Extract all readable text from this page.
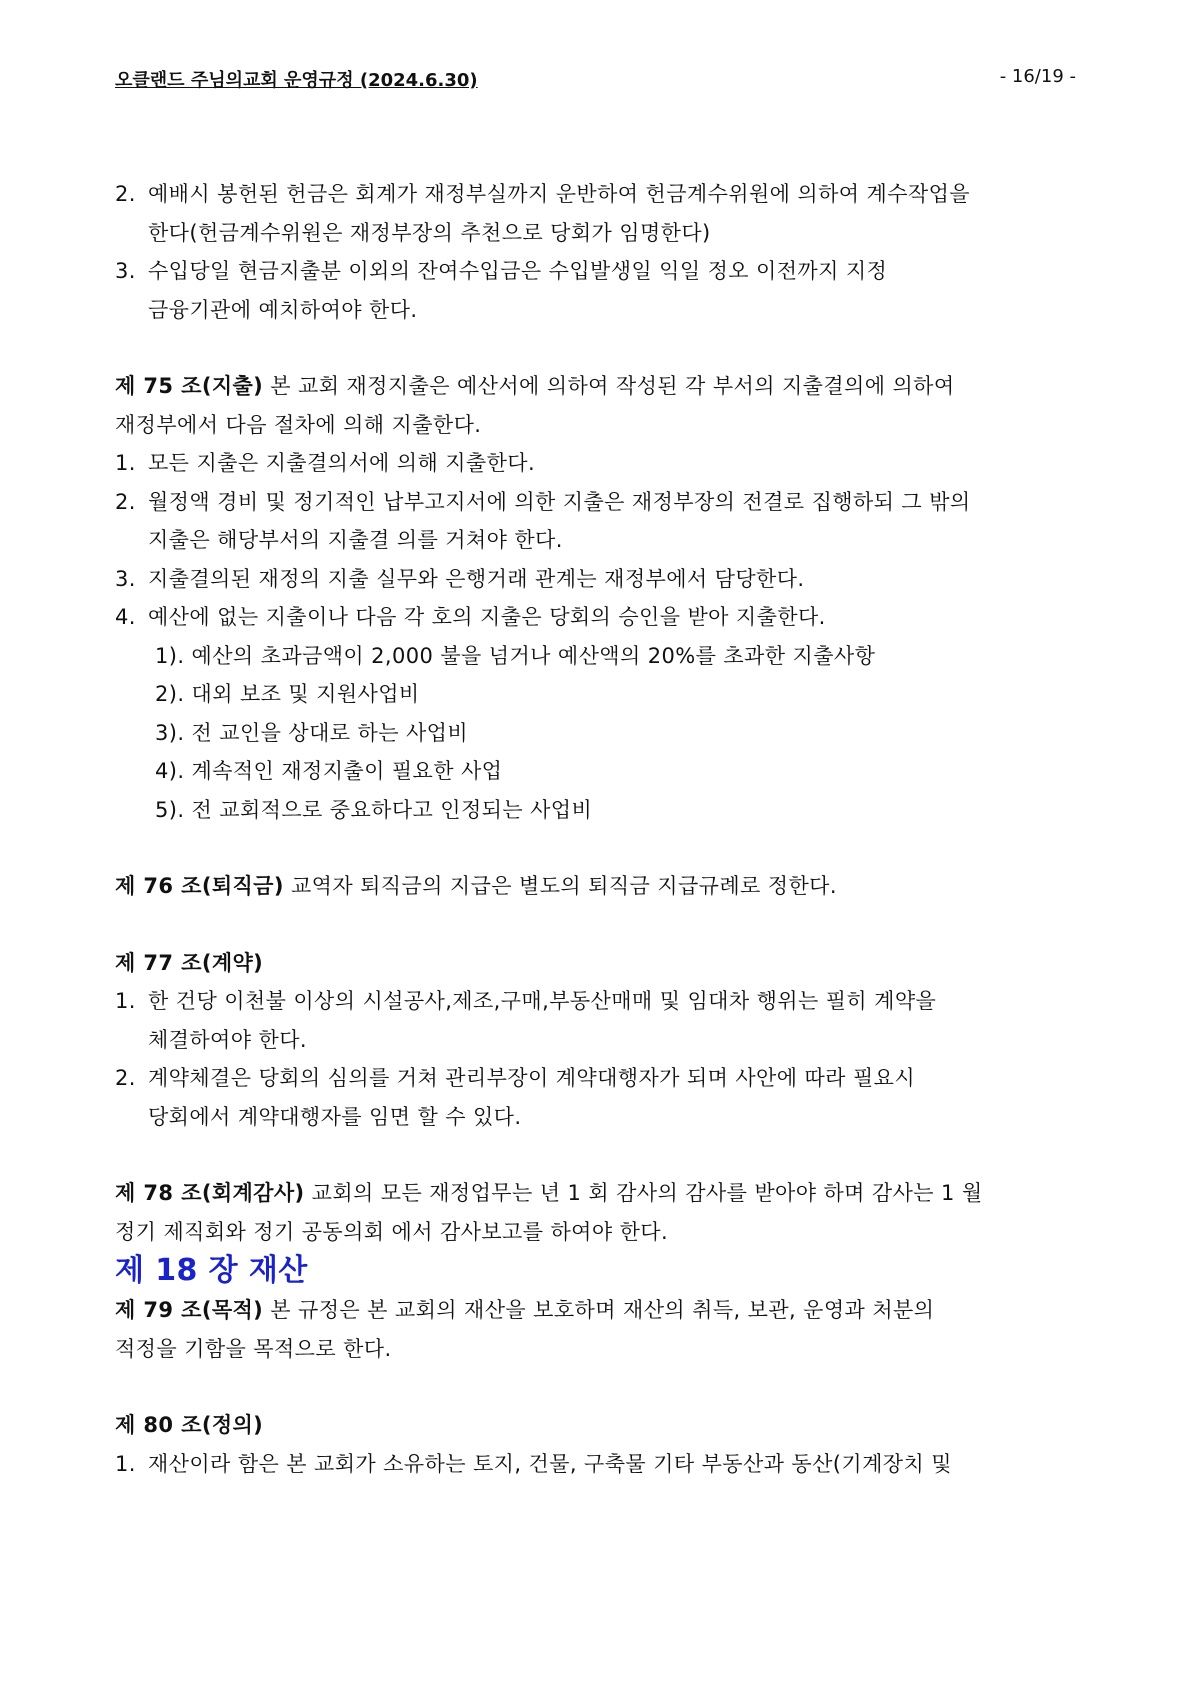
오클랜드 주님의교회 운영규정 (2024.6.30)	- 16/19 -

2. 예배시 봉헌된 헌금은 회계가 재정부실까지 운반하여 헌금계수위원에 의하여 계수작업을

한다(헌금계수위원은 재정부장의 추천으로 당회가 임명한다)

3. 수입당일 현금지출분 이외의 잔여수입금은 수입발생일 익일 정오 이전까지 지정

금융기관에 예치하여야 한다.

제 75 조(지출) 본 교회 재정지출은 예산서에 의하여 작성된 각 부서의 지출결의에 의하여

재정부에서 다음 절차에 의해 지출한다.

1. 모든 지출은 지출결의서에 의해 지출한다.

2. 월정액 경비 및 정기적인 납부고지서에 의한 지출은 재정부장의 전결로 집행하되 그 밖의

지출은 해당부서의 지출결 의를 거쳐야 한다.

3. 지출결의된 재정의 지출 실무와 은행거래 관계는 재정부에서 담당한다.

4. 예산에 없는 지출이나 다음 각 호의 지출은 당회의 승인을 받아 지출한다.

1). 예산의 초과금액이 2,000 불을 넘거나 예산액의 20%를 초과한 지출사항

2). 대외 보조 및 지원사업비

3). 전 교인을 상대로 하는 사업비

4). 계속적인 재정지출이 필요한 사업

5). 전 교회적으로 중요하다고 인정되는 사업비

제 76 조(퇴직금) 교역자 퇴직금의 지급은 별도의 퇴직금 지급규례로 정한다.

제 77 조(계약)

1. 한 건당 이천불 이상의 시설공사,제조,구매,부동산매매 및 임대차 행위는 필히 계약을

체결하여야 한다.

2. 계약체결은 당회의 심의를 거쳐 관리부장이 계약대행자가 되며 사안에 따라 필요시

당회에서 계약대행자를 임면 할 수 있다.

제 78 조(회계감사) 교회의 모든 재정업무는 년 1 회 감사의 감사를 받아야 하며 감사는 1 월

정기 제직회와 정기 공동의회 에서 감사보고를 하여야 한다.

제 18 장 재산

제 79 조(목적) 본 규정은 본 교회의 재산을 보호하며 재산의 취득, 보관, 운영과 처분의

적정을 기함을 목적으로 한다.

제 80 조(정의)

1. 재산이라 함은 본 교회가 소유하는 토지, 건물, 구축물 기타 부동산과 동산(기계장치 및
